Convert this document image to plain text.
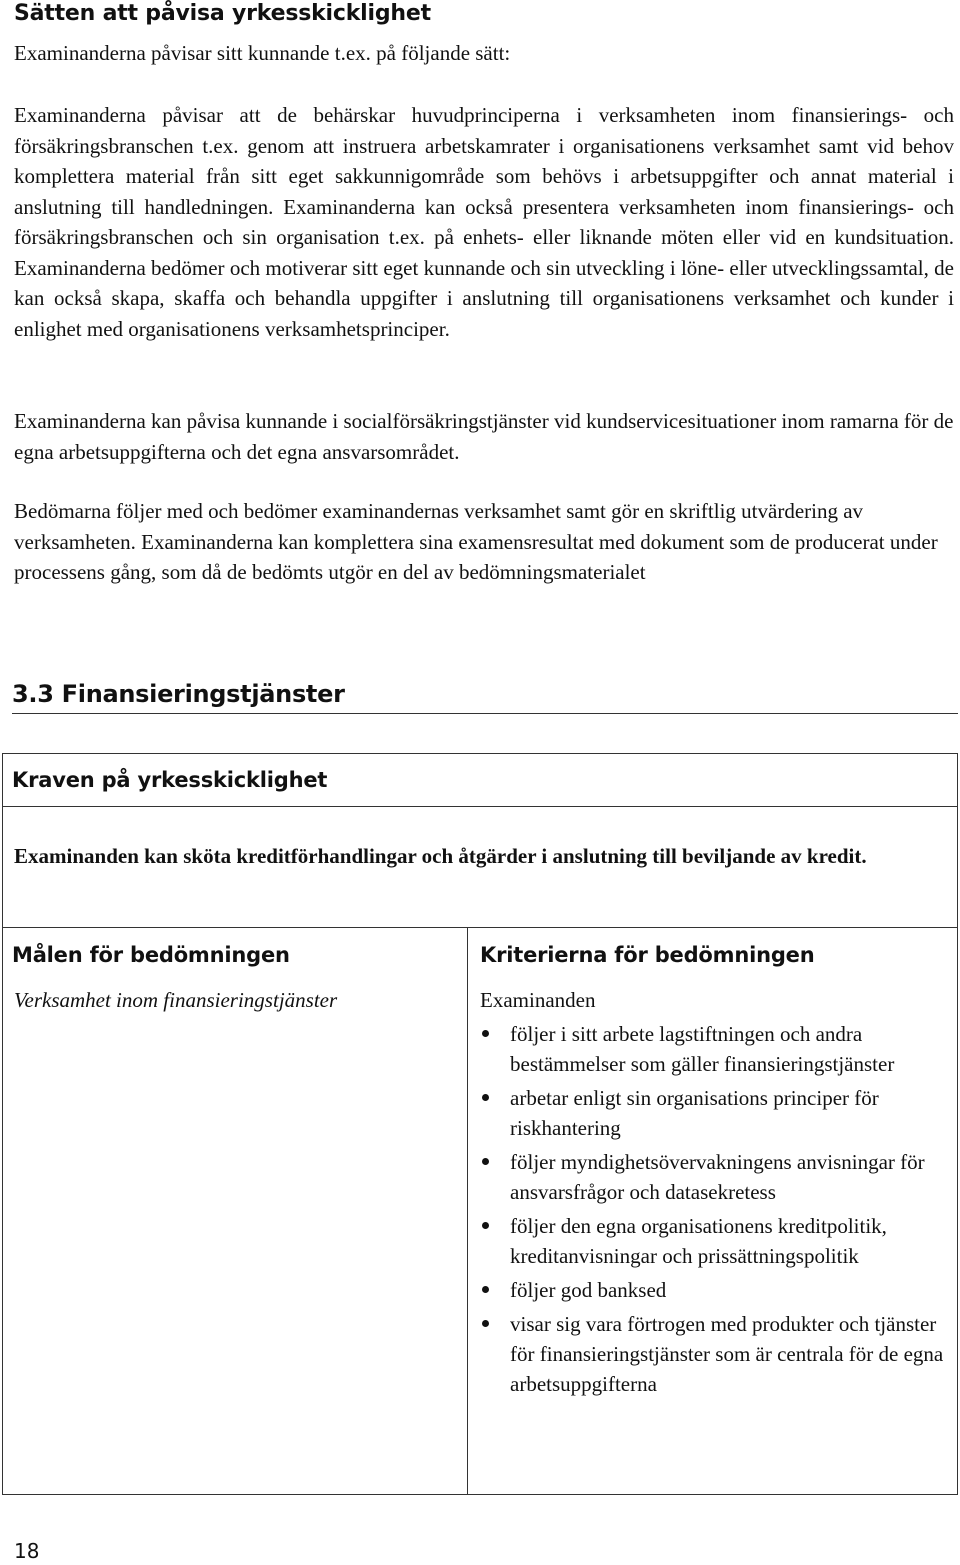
Sätten att påvisa yrkesskicklighet

Examinanderna påvisar sitt kunnande t.ex. på följande sätt:

Examinanderna påvisar att de behärskar huvudprinciperna i verksamheten inom finansierings- och försäkringsbranschen t.ex. genom att instruera arbetskamrater i organisationens verksamhet samt vid behov komplettera material från sitt eget sakkunnigområde som behövs i arbetsuppgifter och annat material i anslutning till handledningen. Examinanderna kan också presentera verksamheten inom finansierings- och försäkringsbranschen och sin organisation t.ex. på enhets- eller liknande möten eller vid en kundsituation. Examinanderna bedömer och motiverar sitt eget kunnande och sin utveckling i löne- eller utvecklingssamtal, de kan också skapa, skaffa och behandla uppgifter i anslutning till organisationens verksamhet och kunder i enlighet med organisationens verksamhetsprinciper.

Examinanderna kan påvisa kunnande i socialförsäkringstjänster vid kundservicesituationer inom ramarna för de egna arbetsuppgifterna och det egna ansvarsområdet.

Bedömarna följer med och bedömer examinandernas verksamhet samt gör en skriftlig utvärdering av verksamheten. Examinanderna kan komplettera sina examensresultat med dokument som de producerat under processens gång, som då de bedömts utgör en del av bedömningsmaterialet

3.3 Finansieringstjänster
Kraven på yrkesskicklighet

Examinanden kan sköta kreditförhandlingar och åtgärder i anslutning till beviljande av kredit.

Målen för bedömningen
Verksamhet inom finansieringstjänster
Kriterierna för bedömningen
Examinanden
följer i sitt arbete lagstiftningen och andra bestämmelser som gäller finansieringstjänster
arbetar enligt sin organisations principer för riskhantering
följer myndighetsövervakningens anvisningar för ansvarsfrågor och datasekretess
följer den egna organisationens kreditpolitik, kreditanvisningar och prissättningspolitik
följer god banksed
visar sig vara förtrogen med produkter och tjänster för finansieringstjänster som är centrala för de egna arbetsuppgifterna
18
